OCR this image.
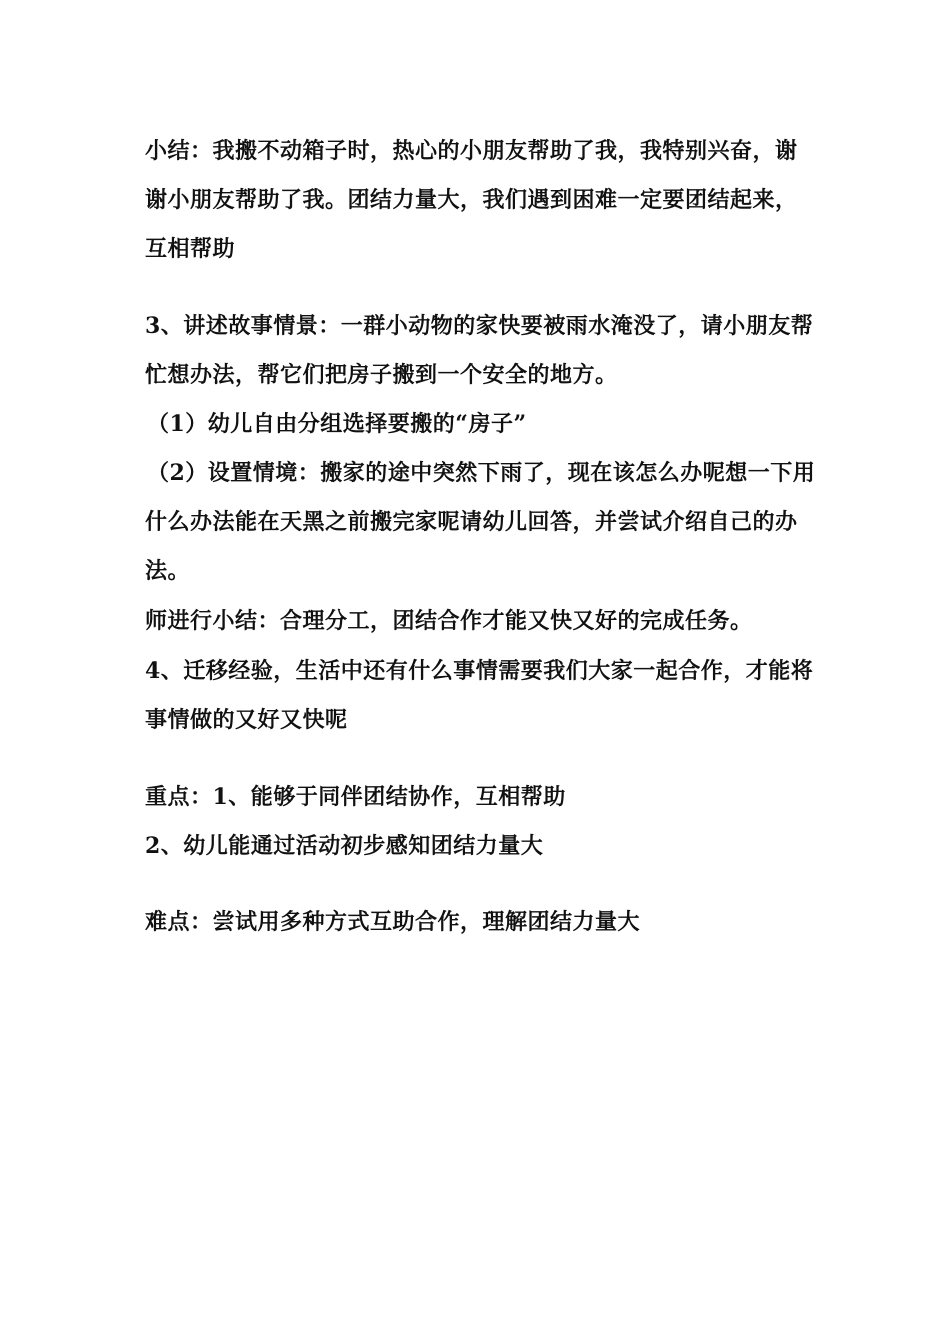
小结：我搬不动箱子时，热心的小朋友帮助了我，我特别兴奋，谢
谢小朋友帮助了我。团结力量大，我们遇到困难一定要团结起来，
互相帮助
3、讲述故事情景：一群小动物的家快要被雨水淹没了，请小朋友帮
忙想办法，帮它们把房子搬到一个安全的地方。
（1）幼儿自由分组选择要搬的“房子”
（2）设置情境：搬家的途中突然下雨了，现在该怎么办呢想一下用
什么办法能在天黑之前搬完家呢请幼儿回答，并尝试介绍自己的办
法。
师进行小结：合理分工，团结合作才能又快又好的完成任务。
4、迁移经验，生活中还有什么事情需要我们大家一起合作，才能将
事情做的又好又快呢
重点：1、能够于同伴团结协作，互相帮助
2、幼儿能通过活动初步感知团结力量大
难点：尝试用多种方式互助合作，理解团结力量大
